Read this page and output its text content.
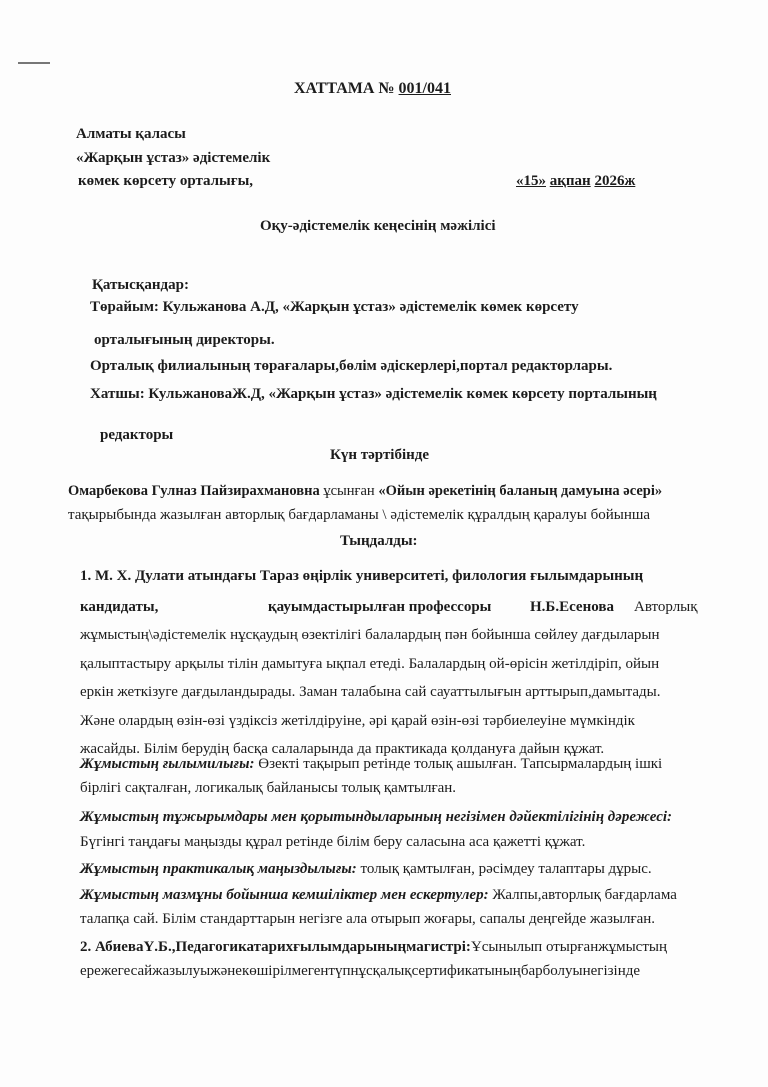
ХАТТАМА № 001/041
Алматы қаласы
«Жарқын ұстаз» әдістемелік
көмек көрсету орталығы,	«15» ақпан 2026ж
Оқу-әдістемелік кеңесінің мәжілісі
Қатысқандар:
Төрайым: Кульжанова А.Д, «Жарқын ұстаз» әдістемелік көмек көрсету
орталығының директоры.
Орталық филиалының төрағалары,бөлім әдіскерлері,портал редакторлары.
Хатшы: КульжановаЖ.Д, «Жарқын ұстаз» әдістемелік көмек көрсету порталының
редакторы
Күн тәртібінде
Омарбекова Гулназ Пайзирахмановна ұсынған «Ойын әрекетінің баланың дамуына әсері»
тақырыбында жазылған авторлық бағдарламаны \ әдістемелік құралдың қаралуы бойынша
Тыңдалды:
1. М. Х. Дулати атындағы Тараз өңірлік университеті, филология ғылымдарының
кандидаты,	қауымдастырылған профессоры	Н.Б.Есенова Авторлық
жұмыстың\әдістемелік нұсқаудың өзектілігі балалардың пән бойынша сөйлеу дағдыларын
қалыптастыру арқылы тілін дамытуға ықпал етеді. Балалардың ой-өрісін жетілдіріп, ойын
еркін жеткізуге дағдыландырады. Заман талабына сай сауаттылығын арттырып,дамытады.
Және олардың өзін-өзі үздіксіз жетілдіруіне, әрі қарай өзін-өзі тәрбиелеуіне мүмкіндік
жасайды. Білім берудің басқа салаларында да практикада қолдануға дайын құжат.
Жұмыстың ғылымилығы: Өзекті тақырып ретінде толық ашылған. Тапсырмалардың ішкі
бірлігі сақталған, логикалық байланысы толық қамтылған.
Жұмыстың тұжырымдары мен қорытындыларының негізімен дәйектілігінің дәрежесі:
Бүгінгі таңдағы маңызды құрал ретінде білім беру саласына аса қажетті құжат.
Жұмыстың практикалық маңыздылығы: толық қамтылған, рәсімдеу талаптары дұрыс.
Жұмыстың мазмұны бойынша кемшіліктер мен ескертулер: Жалпы,авторлық бағдарлама
талапқа сай. Білім стандарттарын негізге ала отырып жоғары, сапалы деңгейде жазылған.
2. АбиеваҮ.Б.,Педагогикатарихғылымдарыныңмагистрі:Ұсынылып отырғанжұмыстың
ережегесайжазылуыжәнекөшірілмегентүпнұсқалықсертификатыныңбарболуынегізінде
